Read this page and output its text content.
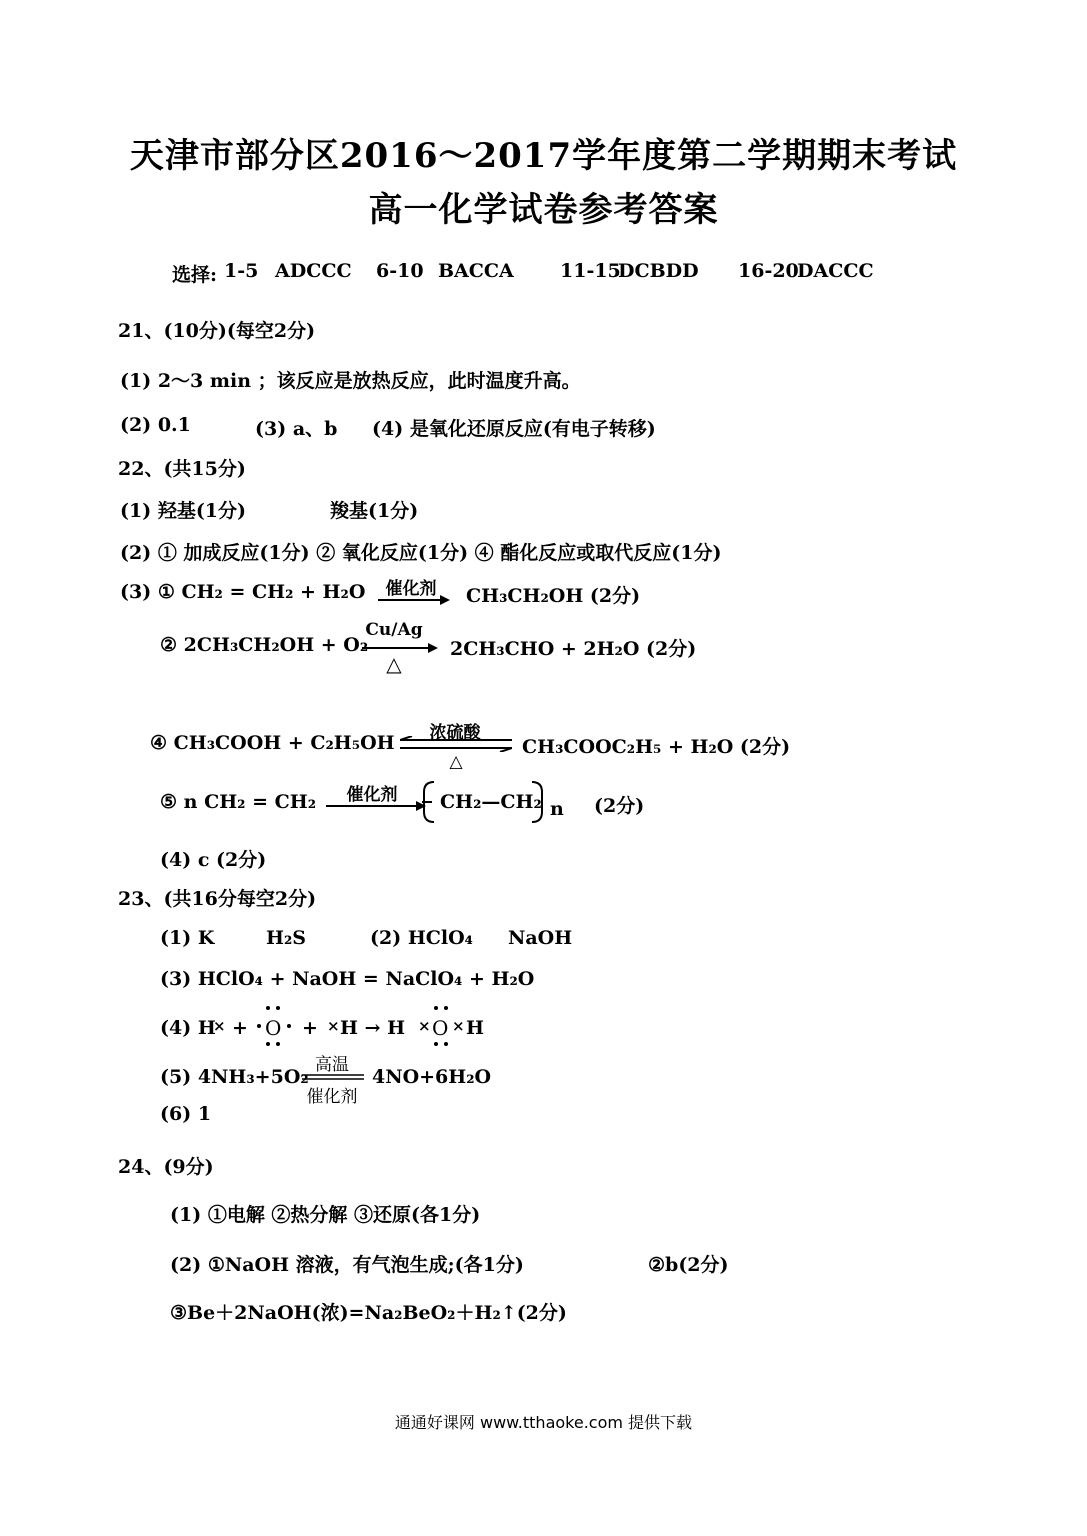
天津市部分区2016～2017学年度第二学期期末考试
高一化学试卷参考答案
选择: 1-5 ADCCC 6-10 BACCA 11-15
DCBDD 16-20
DACCC
21、(10分)(每空2分)
(1) 2～3 min ；该反应是放热反应，此时温度升高。
(2) 0.1	(3) a、b (4) 是氧化还原反应(有电子转移)
22、(共15分)
(1) 羟基(1分)	羧基(1分)
(2) ① 加成反应(1分) ② 氧化反应(1分) ④ 酯化反应或取代反应(1分)
(3) ① CH₂ = CH₂ + H₂O	催化剂	CH₃CH₂OH (2分)
② 2CH₃CH₂OH + O₂
Cu/Ag
△
2CH₃CHO + 2H₂O (2分)
④ CH₃COOH + C₂H₅OH	浓硫酸
△
CH₃COOC₂H₅ + H₂O (2分)
⑤ n CH₂ = CH₂	催化剂	CH₂—CH₂ n (2分)
(4) c (2分)
23、(共16分每空2分)
(1) K	H₂S	(2) HClO₄ NaOH
(3) HClO₄ + NaOH = NaClO₄ + H₂O
(4) H
× + O + × H → H × O × H
(5) 4NH₃+5O₂
高温
催化剂
4NO+6H₂O
(6) 1
24、(9分)
(1) ①电解 ②热分解 ③还原(各1分)
(2) ①NaOH 溶液，有气泡生成;(各1分)	②b(2分)
③Be＋2NaOH(浓)=Na₂BeO₂＋H₂↑(2分)
通通好课网 www.tthaoke.com 提供下载
